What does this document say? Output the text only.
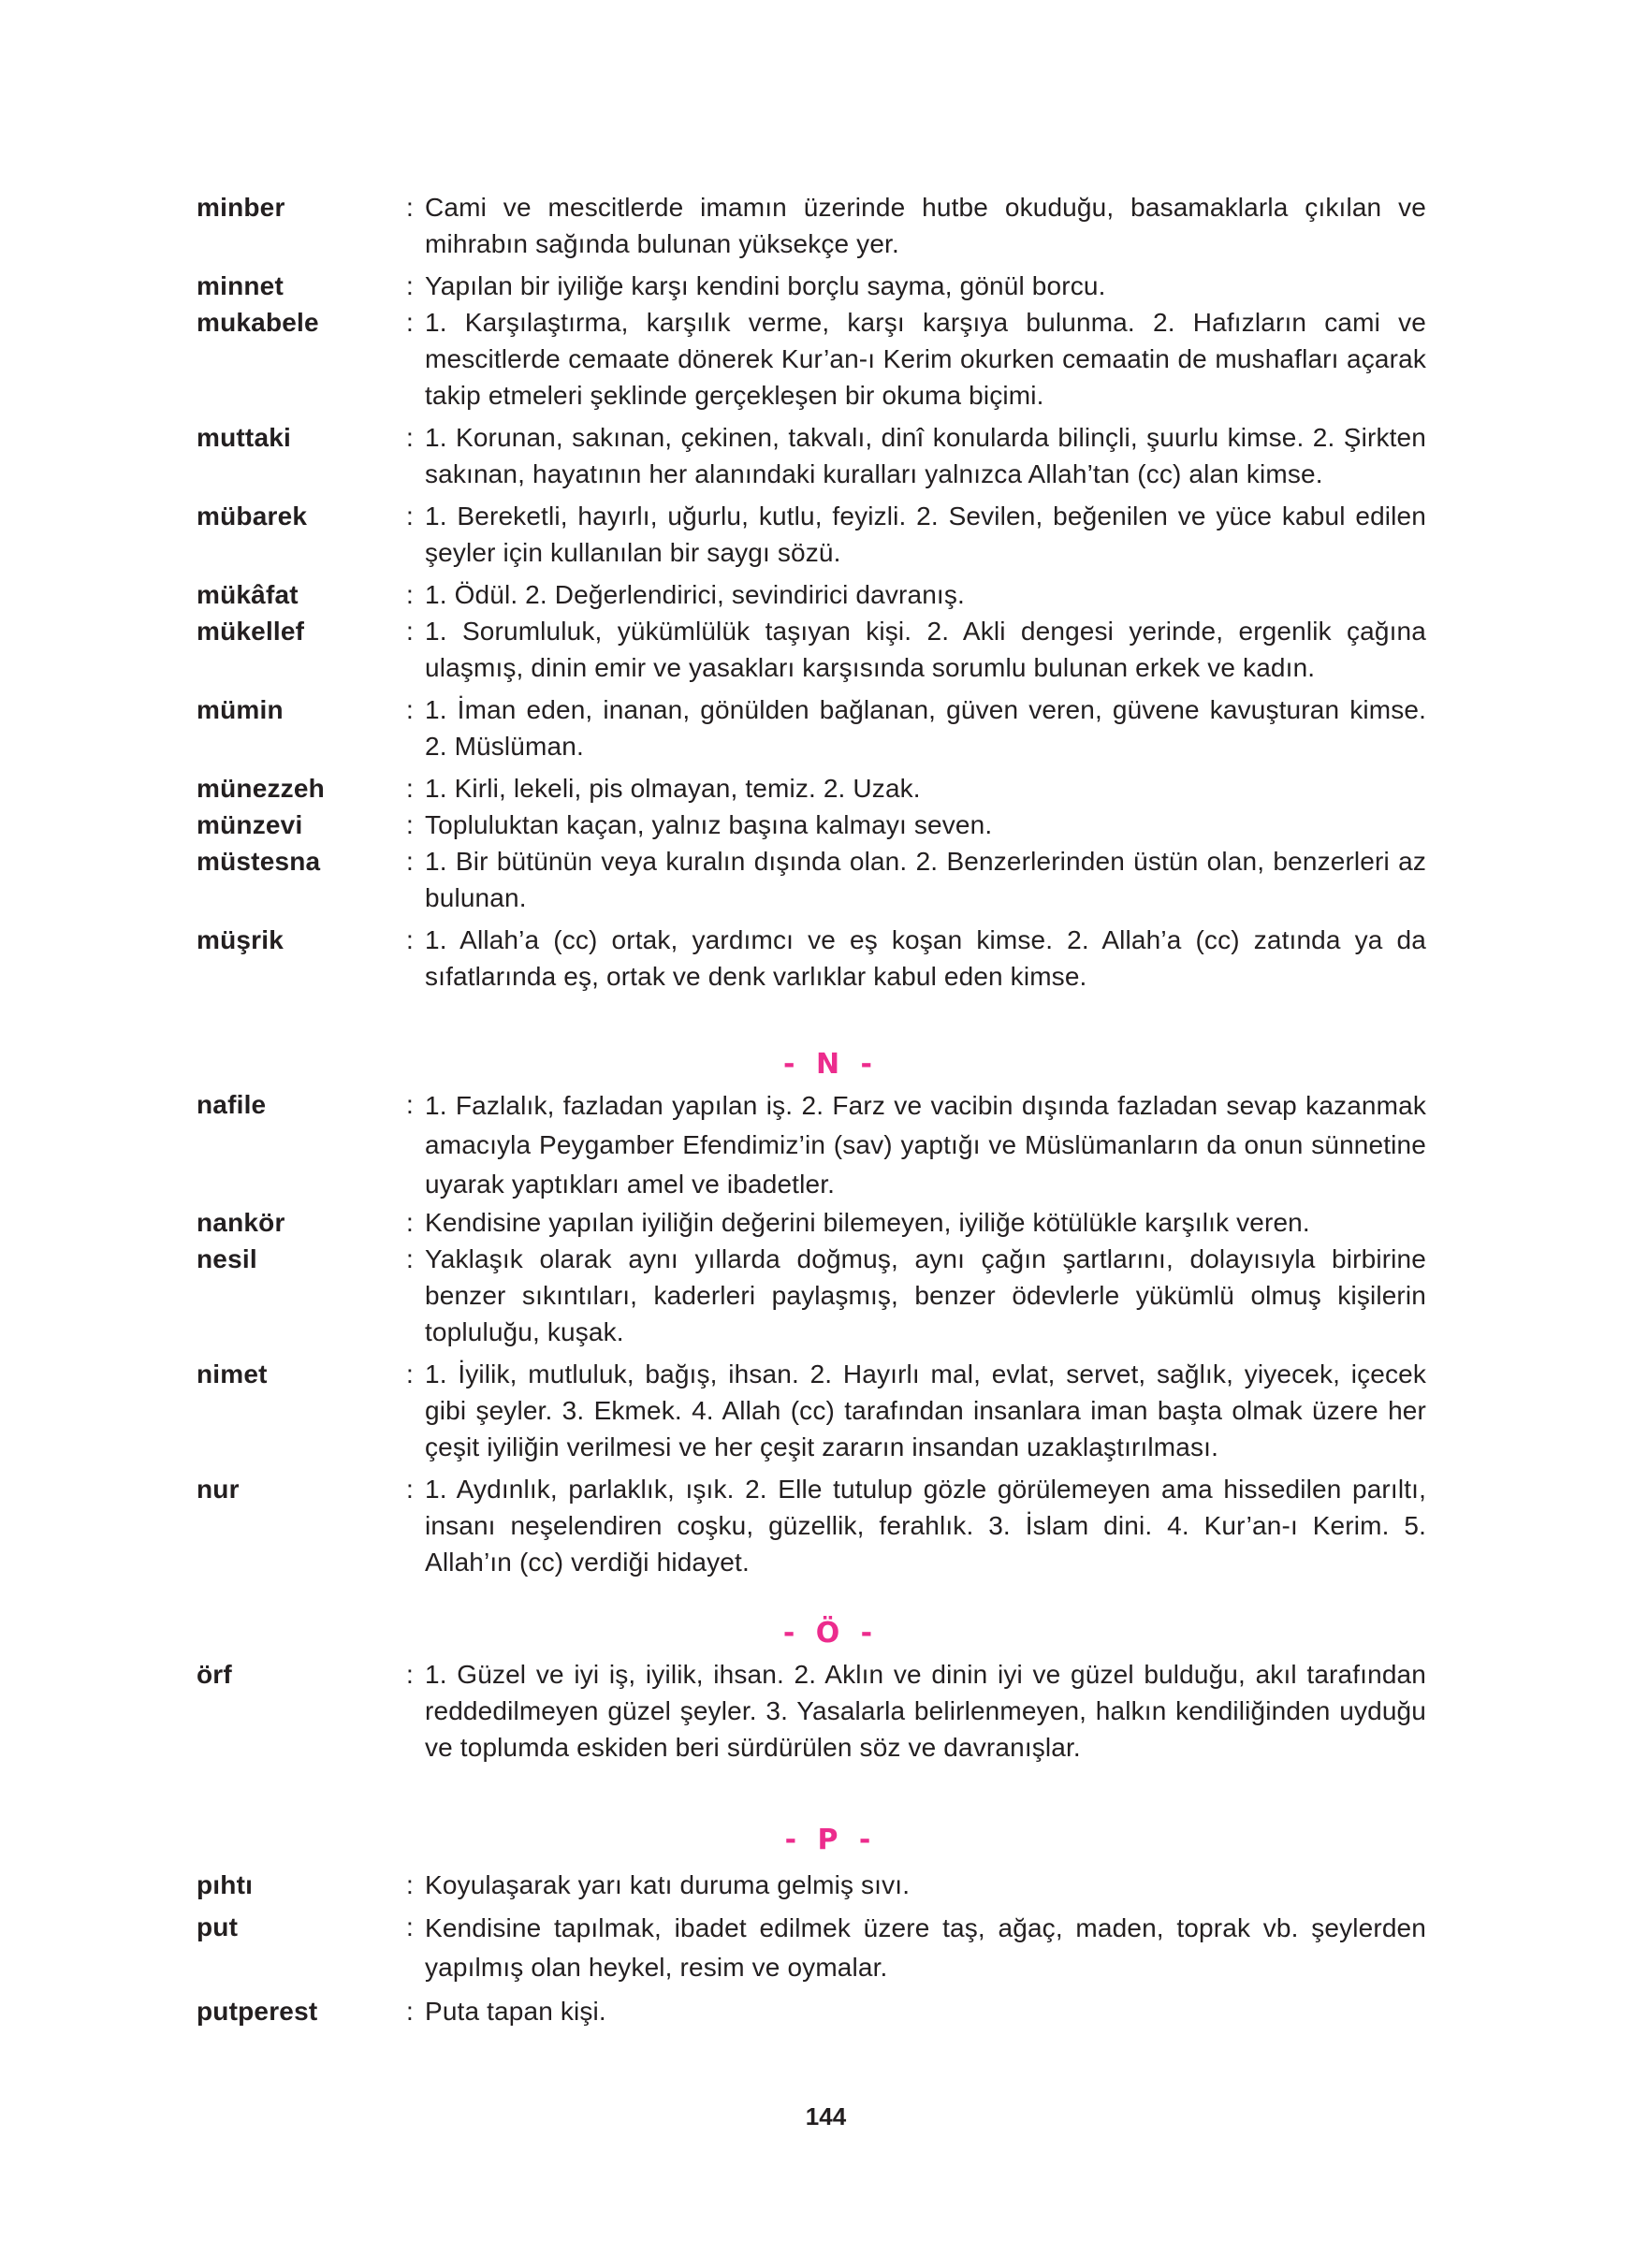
minber	: Cami ve mescitlerde imamın üzerinde hutbe okuduğu, basamaklarla çıkılan ve mihrabın sağında bulunan yüksekçe yer.
minnet	: Yapılan bir iyiliğe karşı kendini borçlu sayma, gönül borcu.
mukabele	: 1. Karşılaştırma, karşılık verme, karşı karşıya bulunma. 2. Hafızların cami ve mescitlerde cemaate dönerek Kur’an-ı Kerim okurken cemaatin de mushafları açarak takip etmeleri şeklinde gerçekleşen bir okuma biçimi.
muttaki	: 1. Korunan, sakınan, çekinen, takvalı, dinî konularda bilinçli, şuurlu kimse. 2. Şirkten sakınan, hayatının her alanındaki kuralları yalnızca Allah’tan (cc) alan kimse.
mübarek	: 1. Bereketli, hayırlı, uğurlu, kutlu, feyizli. 2. Sevilen, beğenilen ve yüce kabul edilen şeyler için kullanılan bir saygı sözü.
mükâfat	: 1. Ödül. 2. Değerlendirici, sevindirici davranış.
mükellef	: 1. Sorumluluk, yükümlülük taşıyan kişi. 2. Akli dengesi yerinde, ergenlik çağına ulaşmış, dinin emir ve yasakları karşısında sorumlu bulunan erkek ve kadın.
mümin	: 1. İman eden, inanan, gönülden bağlanan, güven veren, güvene kavuşturan kimse. 2. Müslüman.
münezzeh	: 1. Kirli, lekeli, pis olmayan, temiz. 2. Uzak.
münzevi	: Topluluktan kaçan, yalnız başına kalmayı seven.
müstesna	: 1. Bir bütünün veya kuralın dışında olan. 2. Benzerlerinden üstün olan, benzerleri az bulunan.
müşrik	: 1. Allah’a (cc) ortak, yardımcı ve eş koşan kimse. 2. Allah’a (cc) zatında ya da sıfatlarında eş, ortak ve denk varlıklar kabul eden kimse.
- N -
nafile	: 1. Fazlalık, fazladan yapılan iş. 2. Farz ve vacibin dışında fazladan sevap kazanmak amacıyla Peygamber Efendimiz’in (sav) yaptığı ve Müslümanların da onun sünnetine uyarak yaptıkları amel ve ibadetler.
nankör	: Kendisine yapılan iyiliğin değerini bilemeyen, iyiliğe kötülükle karşılık veren.
nesil	: Yaklaşık olarak aynı yıllarda doğmuş, aynı çağın şartlarını, dolayısıyla birbirine benzer sıkıntıları, kaderleri paylaşmış, benzer ödevlerle yükümlü olmuş kişilerin topluluğu, kuşak.
nimet	: 1. İyilik, mutluluk, bağış, ihsan. 2. Hayırlı mal, evlat, servet, sağlık, yiyecek, içecek gibi şeyler. 3. Ekmek. 4. Allah (cc) tarafından insanlara iman başta olmak üzere her çeşit iyiliğin verilmesi ve her çeşit zararın insandan uzaklaştırılması.
nur	: 1. Aydınlık, parlaklık, ışık. 2. Elle tutulup gözle görülemeyen ama hissedilen parıltı, insanı neşelendiren coşku, güzellik, ferahlık. 3. İslam dini. 4. Kur’an-ı Kerim. 5. Allah’ın (cc) verdiği hidayet.
- Ö -
örf	: 1. Güzel ve iyi iş, iyilik, ihsan. 2. Aklın ve dinin iyi ve güzel bulduğu, akıl tarafından reddedilmeyen güzel şeyler. 3. Yasalarla belirlenmeyen, halkın kendiliğinden uyduğu ve toplumda eskiden beri sürdürülen söz ve davranışlar.
- P -
pıhtı	: Koyulaşarak yarı katı duruma gelmiş sıvı.
put	: Kendisine tapılmak, ibadet edilmek üzere taş, ağaç, maden, toprak vb. şeylerden yapılmış olan heykel, resim ve oymalar.
putperest	: Puta tapan kişi.
144
